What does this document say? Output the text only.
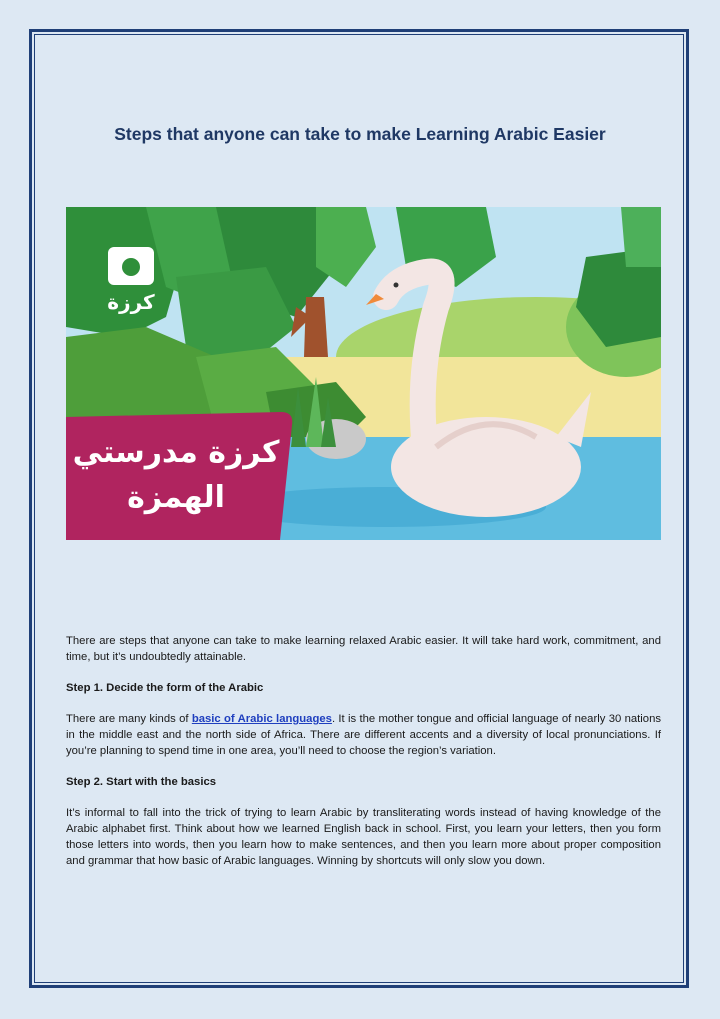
Steps that anyone can take to make Learning Arabic Easier
كرزة
كرزة مدرستي
الهمزة

There are steps that anyone can take to make learning relaxed Arabic easier. It will take hard work, commitment, and time, but it’s undoubtedly attainable.

Step 1. Decide the form of the Arabic

There are many kinds of basic of Arabic languages. It is the mother tongue and official language of nearly 30 nations in the middle east and the north side of Africa. There are different accents and a diversity of local pronunciations. If you’re planning to spend time in one area, you’ll need to choose the region’s variation.

Step 2. Start with the basics

It’s informal to fall into the trick of trying to learn Arabic by transliterating words instead of having knowledge of the Arabic alphabet first. Think about how we learned English back in school. First, you learn your letters, then you form those letters into words, then you learn how to make sentences, and then you learn more about proper composition and grammar that how basic of Arabic languages. Winning by shortcuts will only slow you down.
